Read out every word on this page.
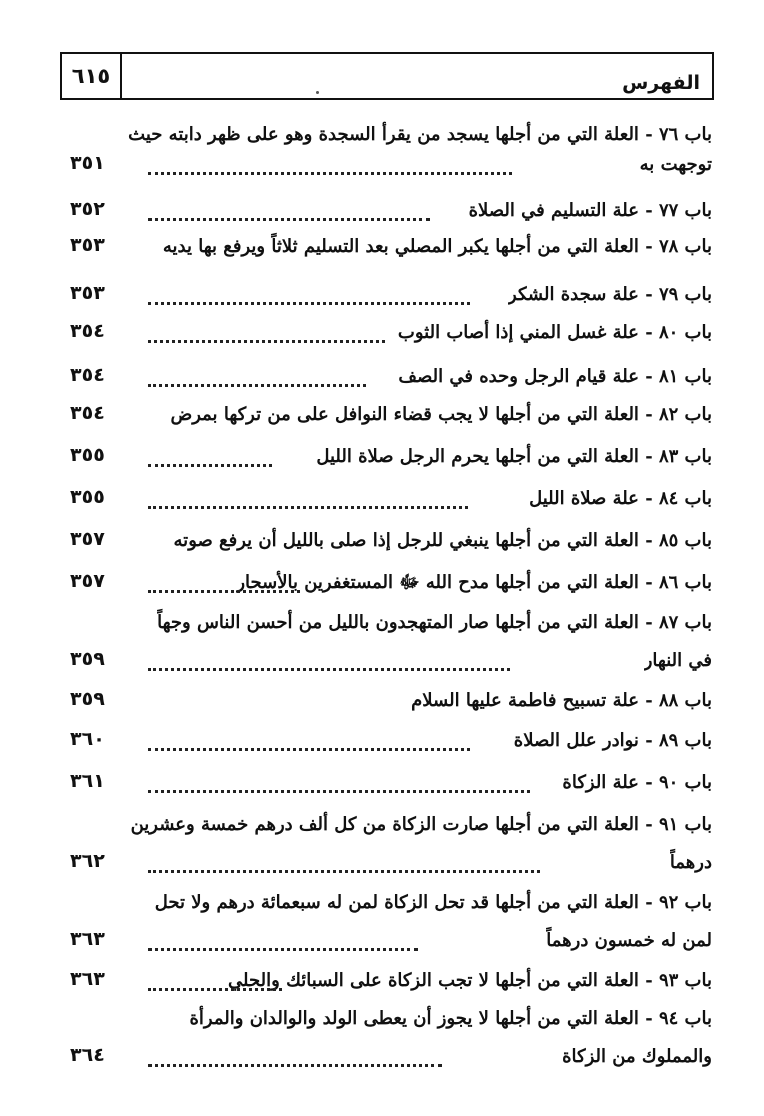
٦١٥	الفهرس
باب ٧٦ - العلة التي من أجلها يسجد من يقرأ السجدة وهو على ظهر دابته حيث
توجهت به
٣٥١
باب ٧٧ - علة التسليم في الصلاة
٣٥٢
باب ٧٨ - العلة التي من أجلها يكبر المصلي بعد التسليم ثلاثاً ويرفع بها يديه
٣٥٣
باب ٧٩ - علة سجدة الشكر
٣٥٣
باب ٨٠ - علة غسل المني إذا أصاب الثوب
٣٥٤
باب ٨١ - علة قيام الرجل وحده في الصف
٣٥٤
باب ٨٢ - العلة التي من أجلها لا يجب قضاء النوافل على من تركها بمرض
٣٥٤
باب ٨٣ - العلة التي من أجلها يحرم الرجل صلاة الليل
٣٥٥
باب ٨٤ - علة صلاة الليل
٣٥٥
باب ٨٥ - العلة التي من أجلها ينبغي للرجل إذا صلى بالليل أن يرفع صوته
٣٥٧
باب ٨٦ - العلة التي من أجلها مدح الله ﷻ المستغفرين بالأسحار
٣٥٧
باب ٨٧ - العلة التي من أجلها صار المتهجدون بالليل من أحسن الناس وجهاً
في النهار
٣٥٩
باب ٨٨ - علة تسبيح فاطمة عليها السلام
٣٥٩
باب ٨٩ - نوادر علل الصلاة
٣٦٠
باب ٩٠ - علة الزكاة
٣٦١
باب ٩١ - العلة التي من أجلها صارت الزكاة من كل ألف درهم خمسة وعشرين
درهماً
٣٦٢
باب ٩٢ - العلة التي من أجلها قد تحل الزكاة لمن له سبعمائة درهم ولا تحل
لمن له خمسون درهماً
٣٦٣
باب ٩٣ - العلة التي من أجلها لا تجب الزكاة على السبائك والحلي
٣٦٣
باب ٩٤ - العلة التي من أجلها لا يجوز أن يعطى الولد والوالدان والمرأة
والمملوك من الزكاة
٣٦٤
